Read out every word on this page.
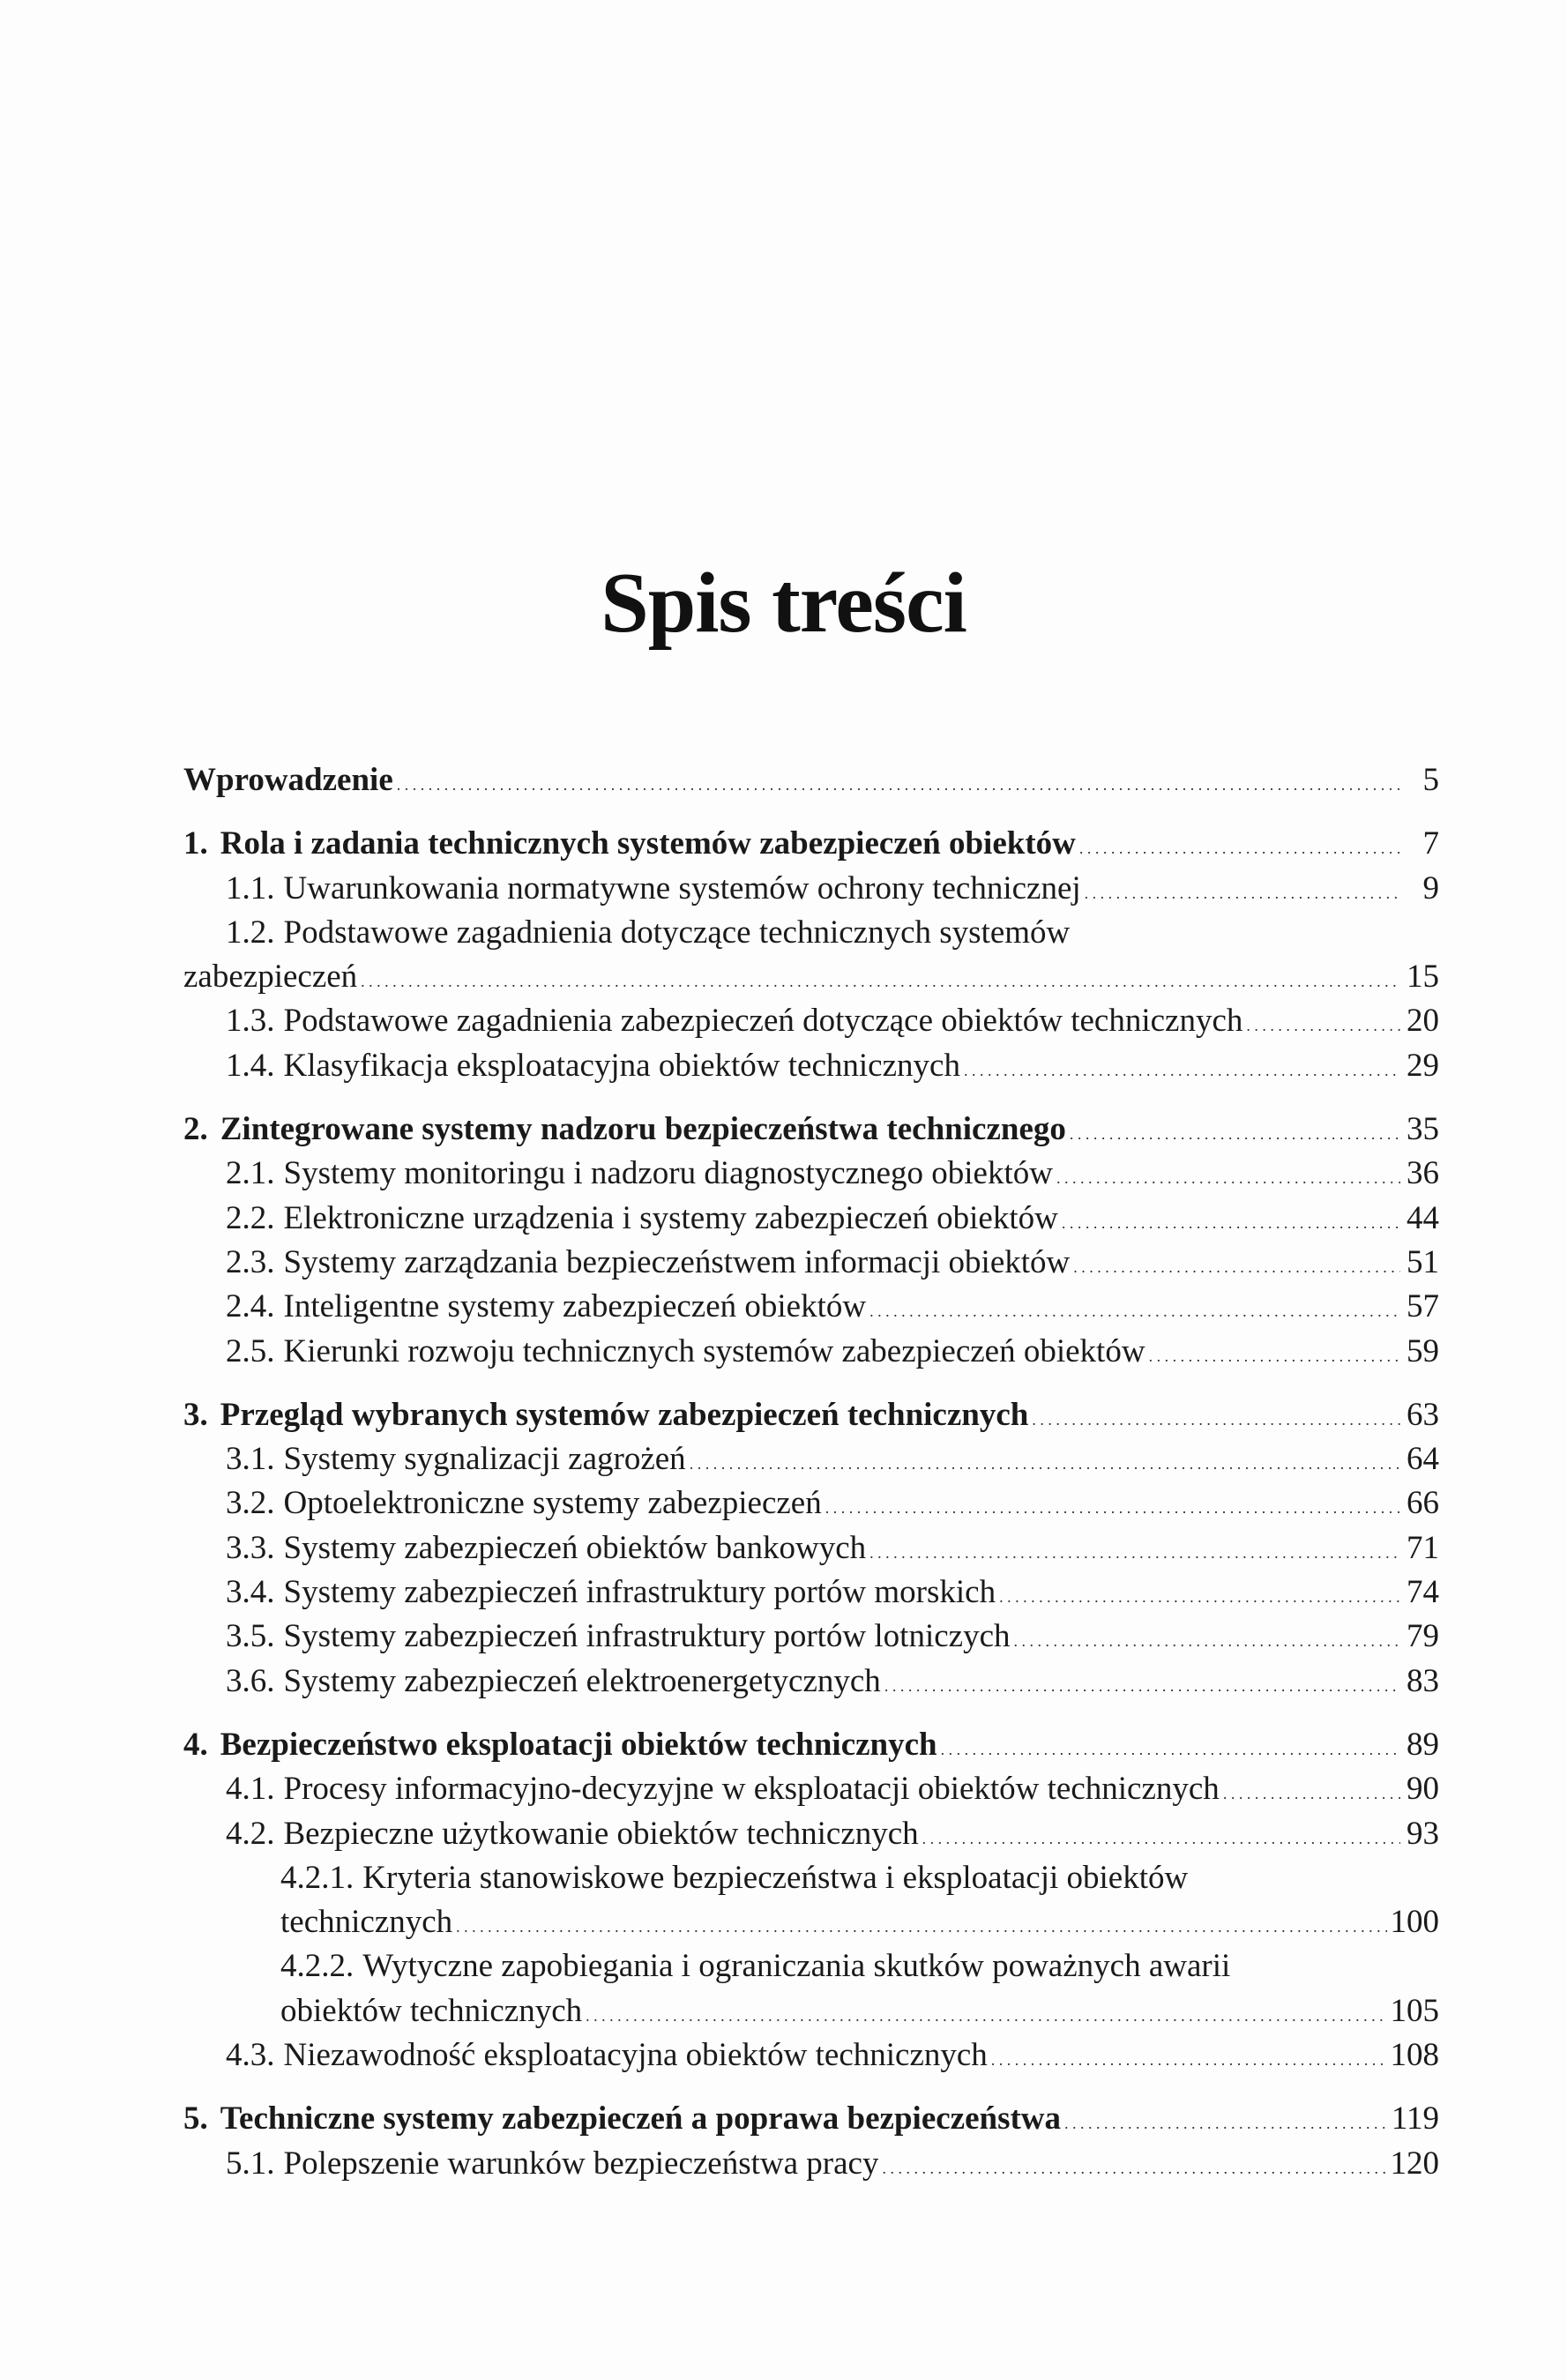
Spis treści
Wprowadzenie . . .	5
1. Rola i zadania technicznych systemów zabezpieczeń obiektów . . .	7
1.1. Uwarunkowania normatywne systemów ochrony technicznej . . .	9
1.2. Podstawowe zagadnienia dotyczące technicznych systemów
zabezpieczeń . . .	15
1.3. Podstawowe zagadnienia zabezpieczeń dotyczące obiektów technicznych . . .	20
1.4. Klasyfikacja eksploatacyjna obiektów technicznych . . .	29
2. Zintegrowane systemy nadzoru bezpieczeństwa technicznego . . .	35
2.1. Systemy monitoringu i nadzoru diagnostycznego obiektów . . .	36
2.2. Elektroniczne urządzenia i systemy zabezpieczeń obiektów . . .	44
2.3. Systemy zarządzania bezpieczeństwem informacji obiektów . . .	51
2.4. Inteligentne systemy zabezpieczeń obiektów . . .	57
2.5. Kierunki rozwoju technicznych systemów zabezpieczeń obiektów . . .	59
3. Przegląd wybranych systemów zabezpieczeń technicznych . . .	63
3.1. Systemy sygnalizacji zagrożeń . . .	64
3.2. Optoelektroniczne systemy zabezpieczeń . . .	66
3.3. Systemy zabezpieczeń obiektów bankowych . . .	71
3.4. Systemy zabezpieczeń infrastruktury portów morskich . . .	74
3.5. Systemy zabezpieczeń infrastruktury portów lotniczych . . .	79
3.6. Systemy zabezpieczeń elektroenergetycznych . . .	83
4. Bezpieczeństwo eksploatacji obiektów technicznych . . .	89
4.1. Procesy informacyjno-decyzyjne w eksploatacji obiektów technicznych . . .	90
4.2. Bezpieczne użytkowanie obiektów technicznych . . .	93
4.2.1. Kryteria stanowiskowe bezpieczeństwa i eksploatacji obiektów
technicznych . . .	100
4.2.2. Wytyczne zapobiegania i ograniczania skutków poważnych awarii
obiektów technicznych . . .	105
4.3. Niezawodność eksploatacyjna obiektów technicznych . . .	108
5. Techniczne systemy zabezpieczeń a poprawa bezpieczeństwa . . .	119
5.1. Polepszenie warunków bezpieczeństwa pracy . . .	120
